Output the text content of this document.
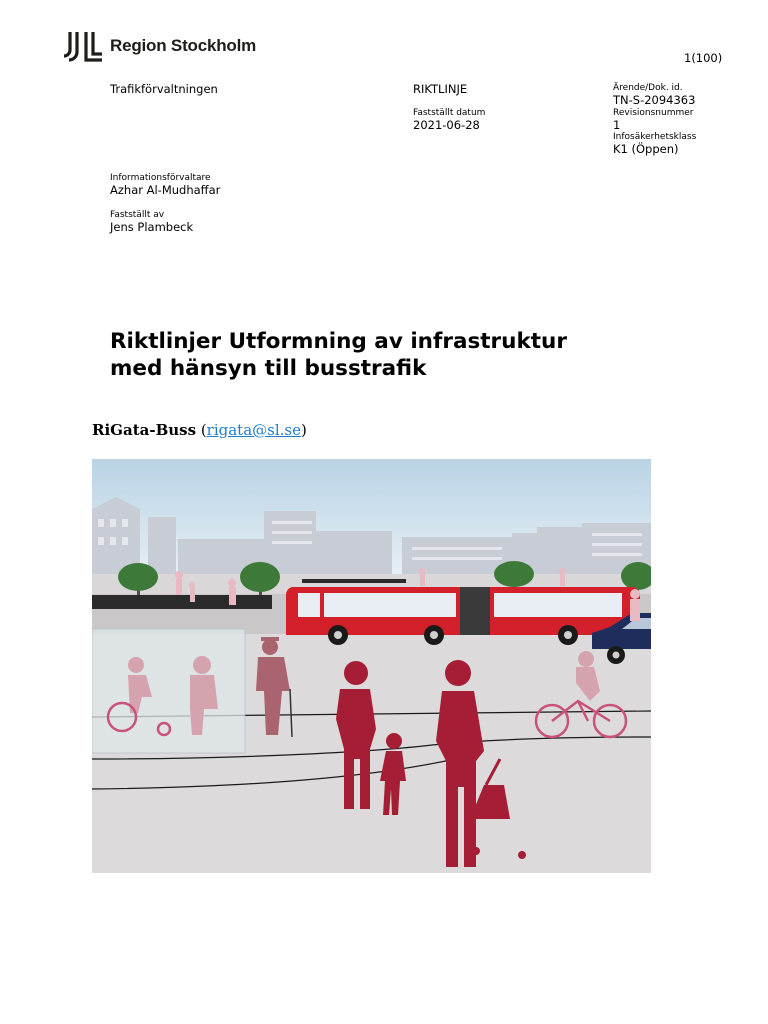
Region Stockholm
1(100)
Trafikförvaltningen	RIKTLINJE
Fastställt datum
2021-06-28
Ärende/Dok. id.
TN-S-2094363
Revisionsnummer
1
Infosäkerhetsklass
K1 (Öppen)
Informationsförvaltare
Azhar Al-Mudhaffar
Fastställt av
Jens Plambeck
Riktlinjer Utformning av infrastruktur
med hänsyn till busstrafik
RiGata-Buss (rigata@sl.se)
